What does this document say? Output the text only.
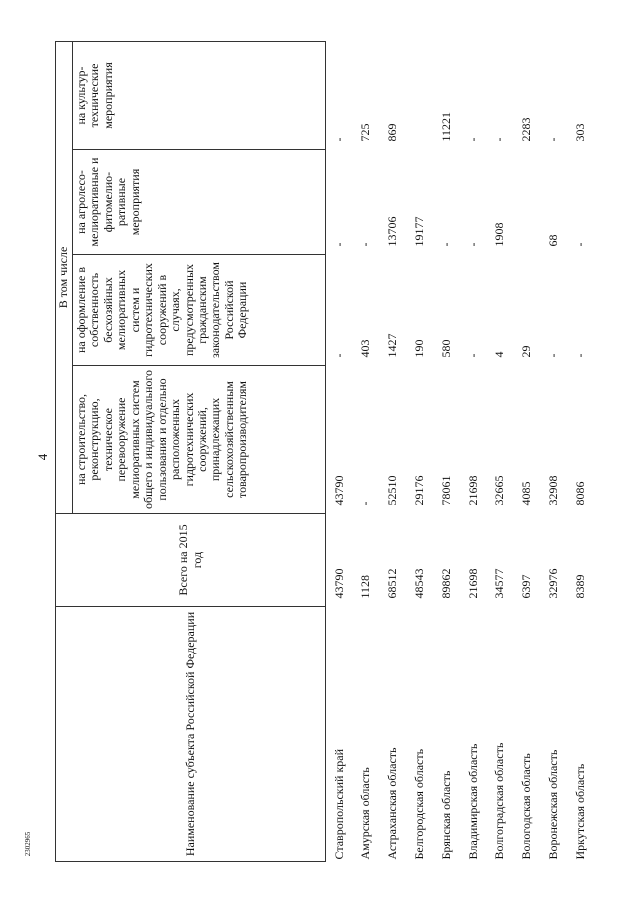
4
Наименование субъекта Российской Федерации	Всего на 2015 год	В том числе			
		на строительство, реконструкцию, техническое перевооружение мелиоративных систем общего и индивидуального пользования и отдельно расположенных гидротехнических сооружений, принадлежащих сельскохозяйственным товаропроизводителям	на оформление в собственность бесхозяйных мелиоративных систем и гидротехнических сооружений в случаях, предусмотренных гражданским законодательством Российской Федерации	на агролесо-мелиоративные и фитомелио-ративные мероприятия	на культур-технические мероприятия
Ставропольский край	43790	43790	-	-	-
Амурская область	1128	-	403	-	725
Астраханская область	68512	52510	1427	13706	869
Белгородская область	48543	29176	190	19177	
Брянская область	89862	78061	580	-	11221
Владимирская область	21698	21698	-	-	-
Волгоградская область	34577	32665	4	1908	-
Вологодская область	6397	4085	29		2283
Воронежская область	32976	32908	-	68	-
Иркутская область	8389	8086	-	-	303
2302965
